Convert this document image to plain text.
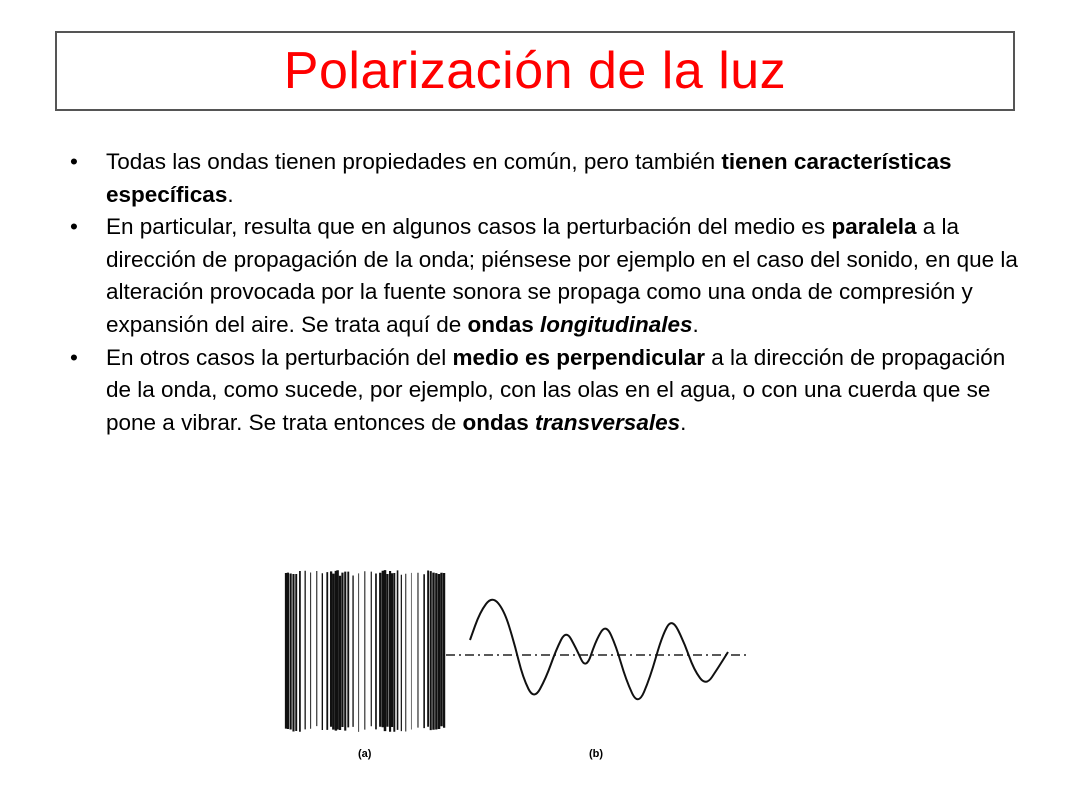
Polarización de la luz
•	Todas las ondas tienen propiedades en común, pero también tienen características específicas.
•	En particular, resulta que en algunos casos la perturbación del medio es paralela a la dirección de propagación de la onda; piénsese por ejemplo en el caso del sonido, en que la alteración provocada por la fuente sonora se propaga como una onda de compresión y expansión del aire. Se trata aquí de ondas longitudinales.
•	En otros casos la perturbación del medio es perpendicular a la dirección de propagación de la onda, como sucede, por ejemplo, con las olas en el agua, o con una cuerda que se pone a vibrar. Se trata entonces de ondas transversales.
(a)	(b)
